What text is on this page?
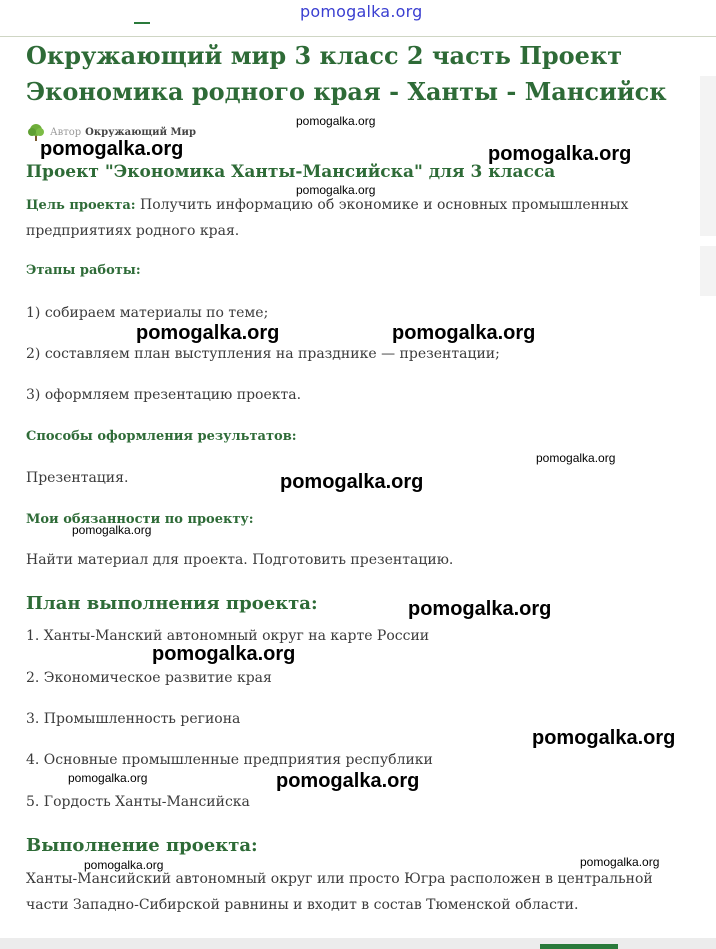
pomogalka.org
Окружающий мир 3 класс 2 часть Проект
Экономика родного края - Ханты - Мансийск
Автор Окружающий Мир
Проект "Экономика Ханты-Мансийска" для 3 класса

Цель проекта: Получить информацию об экономике и основных промышленных
предприятиях родного края.

Этапы работы:

1) собираем материалы по теме;

2) составляем план выступления на празднике — презентации;

3) оформляем презентацию проекта.

Способы оформления результатов:

Презентация.

Мои обязанности по проекту:

Найти материал для проекта. Подготовить презентацию.

План выполнения проекта:

1. Ханты-Манский автономный округ на карте России

2. Экономическое развитие края

3. Промышленность региона

4. Основные промышленные предприятия республики

5. Гордость Ханты-Мансийска

Выполнение проекта:

Ханты-Мансийский автономный округ или просто Югра расположен в центральной
части Западно-Сибирской равнины и входит в состав Тюменской области.

pomogalka.org
pomogalka.org	pomogalka.org
pomogalka.org
pomogalka.org	pomogalka.org
pomogalka.org
pomogalka.org
pomogalka.org
pomogalka.org
pomogalka.org
pomogalka.org
pomogalka.org	pomogalka.org
pomogalka.org	pomogalka.org
